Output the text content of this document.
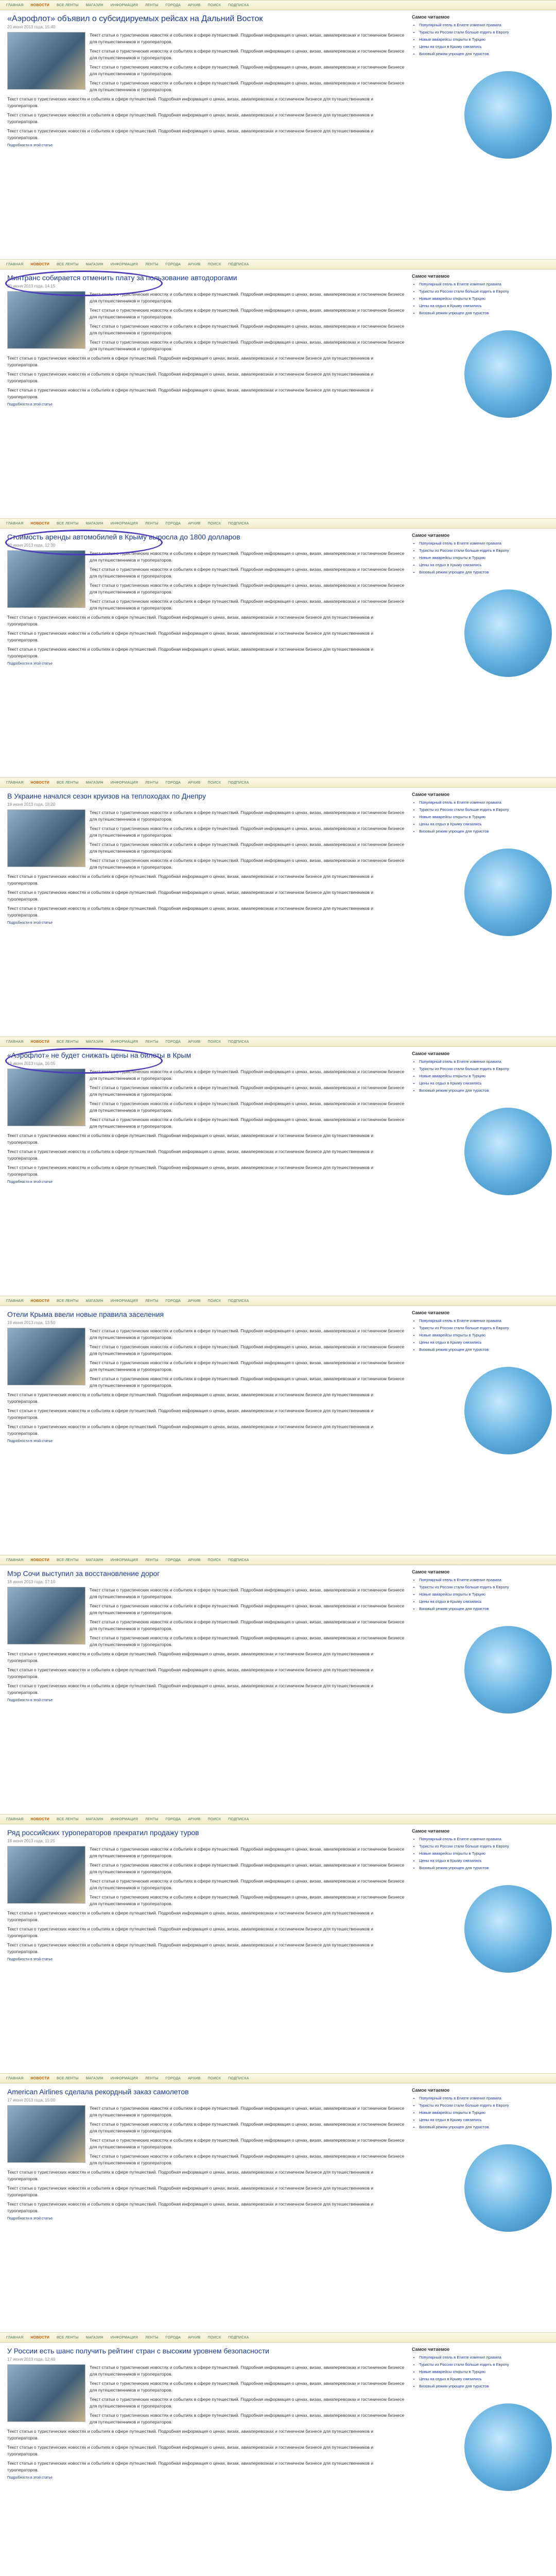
ГЛАВНАЯ НОВОСТИ ВСЕ ЛЕНТЫ МАГАЗИН ИНФОРМАЦИЯ ЛЕНТЫ ГОРОДА АРХИВ ПОИСК ПОДПИСКА
«Аэрофлот» объявил о субсидируемых рейсах на Дальний Восток
20 июня 2013 года, 15:40

Текст статьи о туристических новостях и событиях в сфере путешествий. Подробная информация о ценах, визах, авиаперевозках и гостиничном бизнесе для путешественников и туроператоров.

Текст статьи о туристических новостях и событиях в сфере путешествий. Подробная информация о ценах, визах, авиаперевозках и гостиничном бизнесе для путешественников и туроператоров.

Текст статьи о туристических новостях и событиях в сфере путешествий. Подробная информация о ценах, визах, авиаперевозках и гостиничном бизнесе для путешественников и туроператоров.

Текст статьи о туристических новостях и событиях в сфере путешествий. Подробная информация о ценах, визах, авиаперевозках и гостиничном бизнесе для путешественников и туроператоров.

Текст статьи о туристических новостях и событиях в сфере путешествий. Подробная информация о ценах, визах, авиаперевозках и гостиничном бизнесе для путешественников и туроператоров.

Текст статьи о туристических новостях и событиях в сфере путешествий. Подробная информация о ценах, визах, авиаперевозках и гостиничном бизнесе для путешественников и туроператоров.

Текст статьи о туристических новостях и событиях в сфере путешествий. Подробная информация о ценах, визах, авиаперевозках и гостиничном бизнесе для путешественников и туроператоров.

Подробности в этой статье
Самое читаемое
• Популярный отель в Египте изменил правила
• Туристы из России стали больше ездить в Европу
• Новые авиарейсы открыты в Турцию
• Цены на отдых в Крыму снизились
• Визовый режим упрощен для туристов
ГЛАВНАЯ НОВОСТИ ВСЕ ЛЕНТЫ МАГАЗИН ИНФОРМАЦИЯ ЛЕНТЫ ГОРОДА АРХИВ ПОИСК ПОДПИСКА
Минтранс собирается отменить плату за пользование автодорогами
20 июня 2013 года, 14:15

Текст статьи о туристических новостях и событиях в сфере путешествий. Подробная информация о ценах, визах, авиаперевозках и гостиничном бизнесе для путешественников и туроператоров.

Текст статьи о туристических новостях и событиях в сфере путешествий. Подробная информация о ценах, визах, авиаперевозках и гостиничном бизнесе для путешественников и туроператоров.

Текст статьи о туристических новостях и событиях в сфере путешествий. Подробная информация о ценах, визах, авиаперевозках и гостиничном бизнесе для путешественников и туроператоров.

Текст статьи о туристических новостях и событиях в сфере путешествий. Подробная информация о ценах, визах, авиаперевозках и гостиничном бизнесе для путешественников и туроператоров.

Текст статьи о туристических новостях и событиях в сфере путешествий. Подробная информация о ценах, визах, авиаперевозках и гостиничном бизнесе для путешественников и туроператоров.

Текст статьи о туристических новостях и событиях в сфере путешествий. Подробная информация о ценах, визах, авиаперевозках и гостиничном бизнесе для путешественников и туроператоров.

Текст статьи о туристических новостях и событиях в сфере путешествий. Подробная информация о ценах, визах, авиаперевозках и гостиничном бизнесе для путешественников и туроператоров.

Подробности в этой статье
Самое читаемое
• Популярный отель в Египте изменил правила
• Туристы из России стали больше ездить в Европу
• Новые авиарейсы открыты в Турцию
• Цены на отдых в Крыму снизились
• Визовый режим упрощен для туристов
ГЛАВНАЯ НОВОСТИ ВСЕ ЛЕНТЫ МАГАЗИН ИНФОРМАЦИЯ ЛЕНТЫ ГОРОДА АРХИВ ПОИСК ПОДПИСКА
Стоимость аренды автомобилей в Крыму выросла до 1800 долларов
20 июня 2013 года, 12:30

Текст статьи о туристических новостях и событиях в сфере путешествий. Подробная информация о ценах, визах, авиаперевозках и гостиничном бизнесе для путешественников и туроператоров.

Текст статьи о туристических новостях и событиях в сфере путешествий. Подробная информация о ценах, визах, авиаперевозках и гостиничном бизнесе для путешественников и туроператоров.

Текст статьи о туристических новостях и событиях в сфере путешествий. Подробная информация о ценах, визах, авиаперевозках и гостиничном бизнесе для путешественников и туроператоров.

Текст статьи о туристических новостях и событиях в сфере путешествий. Подробная информация о ценах, визах, авиаперевозках и гостиничном бизнесе для путешественников и туроператоров.

Текст статьи о туристических новостях и событиях в сфере путешествий. Подробная информация о ценах, визах, авиаперевозках и гостиничном бизнесе для путешественников и туроператоров.

Текст статьи о туристических новостях и событиях в сфере путешествий. Подробная информация о ценах, визах, авиаперевозках и гостиничном бизнесе для путешественников и туроператоров.

Текст статьи о туристических новостях и событиях в сфере путешествий. Подробная информация о ценах, визах, авиаперевозках и гостиничном бизнесе для путешественников и туроператоров.

Подробности в этой статье
Самое читаемое
• Популярный отель в Египте изменил правила
• Туристы из России стали больше ездить в Европу
• Новые авиарейсы открыты в Турцию
• Цены на отдых в Крыму снизились
• Визовый режим упрощен для туристов
ГЛАВНАЯ НОВОСТИ ВСЕ ЛЕНТЫ МАГАЗИН ИНФОРМАЦИЯ ЛЕНТЫ ГОРОДА АРХИВ ПОИСК ПОДПИСКА
В Украине начался сезон круизов на теплоходах по Днепру
19 июня 2013 года, 18:20

Текст статьи о туристических новостях и событиях в сфере путешествий. Подробная информация о ценах, визах, авиаперевозках и гостиничном бизнесе для путешественников и туроператоров.

Текст статьи о туристических новостях и событиях в сфере путешествий. Подробная информация о ценах, визах, авиаперевозках и гостиничном бизнесе для путешественников и туроператоров.

Текст статьи о туристических новостях и событиях в сфере путешествий. Подробная информация о ценах, визах, авиаперевозках и гостиничном бизнесе для путешественников и туроператоров.

Текст статьи о туристических новостях и событиях в сфере путешествий. Подробная информация о ценах, визах, авиаперевозках и гостиничном бизнесе для путешественников и туроператоров.

Текст статьи о туристических новостях и событиях в сфере путешествий. Подробная информация о ценах, визах, авиаперевозках и гостиничном бизнесе для путешественников и туроператоров.

Текст статьи о туристических новостях и событиях в сфере путешествий. Подробная информация о ценах, визах, авиаперевозках и гостиничном бизнесе для путешественников и туроператоров.

Текст статьи о туристических новостях и событиях в сфере путешествий. Подробная информация о ценах, визах, авиаперевозках и гостиничном бизнесе для путешественников и туроператоров.

Подробности в этой статье
Самое читаемое
• Популярный отель в Египте изменил правила
• Туристы из России стали больше ездить в Европу
• Новые авиарейсы открыты в Турцию
• Цены на отдых в Крыму снизились
• Визовый режим упрощен для туристов
ГЛАВНАЯ НОВОСТИ ВСЕ ЛЕНТЫ МАГАЗИН ИНФОРМАЦИЯ ЛЕНТЫ ГОРОДА АРХИВ ПОИСК ПОДПИСКА
«Аэрофлот» не будет снижать цены на билеты в Крым
19 июня 2013 года, 16:05

Текст статьи о туристических новостях и событиях в сфере путешествий. Подробная информация о ценах, визах, авиаперевозках и гостиничном бизнесе для путешественников и туроператоров.

Текст статьи о туристических новостях и событиях в сфере путешествий. Подробная информация о ценах, визах, авиаперевозках и гостиничном бизнесе для путешественников и туроператоров.

Текст статьи о туристических новостях и событиях в сфере путешествий. Подробная информация о ценах, визах, авиаперевозках и гостиничном бизнесе для путешественников и туроператоров.

Текст статьи о туристических новостях и событиях в сфере путешествий. Подробная информация о ценах, визах, авиаперевозках и гостиничном бизнесе для путешественников и туроператоров.

Текст статьи о туристических новостях и событиях в сфере путешествий. Подробная информация о ценах, визах, авиаперевозках и гостиничном бизнесе для путешественников и туроператоров.

Текст статьи о туристических новостях и событиях в сфере путешествий. Подробная информация о ценах, визах, авиаперевозках и гостиничном бизнесе для путешественников и туроператоров.

Текст статьи о туристических новостях и событиях в сфере путешествий. Подробная информация о ценах, визах, авиаперевозках и гостиничном бизнесе для путешественников и туроператоров.

Подробности в этой статье
Самое читаемое
• Популярный отель в Египте изменил правила
• Туристы из России стали больше ездить в Европу
• Новые авиарейсы открыты в Турцию
• Цены на отдых в Крыму снизились
• Визовый режим упрощен для туристов
ГЛАВНАЯ НОВОСТИ ВСЕ ЛЕНТЫ МАГАЗИН ИНФОРМАЦИЯ ЛЕНТЫ ГОРОДА АРХИВ ПОИСК ПОДПИСКА
Отели Крыма ввели новые правила заселения
19 июня 2013 года, 13:50

Текст статьи о туристических новостях и событиях в сфере путешествий. Подробная информация о ценах, визах, авиаперевозках и гостиничном бизнесе для путешественников и туроператоров.

Текст статьи о туристических новостях и событиях в сфере путешествий. Подробная информация о ценах, визах, авиаперевозках и гостиничном бизнесе для путешественников и туроператоров.

Текст статьи о туристических новостях и событиях в сфере путешествий. Подробная информация о ценах, визах, авиаперевозках и гостиничном бизнесе для путешественников и туроператоров.

Текст статьи о туристических новостях и событиях в сфере путешествий. Подробная информация о ценах, визах, авиаперевозках и гостиничном бизнесе для путешественников и туроператоров.

Текст статьи о туристических новостях и событиях в сфере путешествий. Подробная информация о ценах, визах, авиаперевозках и гостиничном бизнесе для путешественников и туроператоров.

Текст статьи о туристических новостях и событиях в сфере путешествий. Подробная информация о ценах, визах, авиаперевозках и гостиничном бизнесе для путешественников и туроператоров.

Текст статьи о туристических новостях и событиях в сфере путешествий. Подробная информация о ценах, визах, авиаперевозках и гостиничном бизнесе для путешественников и туроператоров.

Подробности в этой статье
Самое читаемое
• Популярный отель в Египте изменил правила
• Туристы из России стали больше ездить в Европу
• Новые авиарейсы открыты в Турцию
• Цены на отдых в Крыму снизились
• Визовый режим упрощен для туристов
ГЛАВНАЯ НОВОСТИ ВСЕ ЛЕНТЫ МАГАЗИН ИНФОРМАЦИЯ ЛЕНТЫ ГОРОДА АРХИВ ПОИСК ПОДПИСКА
Мэр Сочи выступил за восстановление дорог
18 июня 2013 года, 17:10

Текст статьи о туристических новостях и событиях в сфере путешествий. Подробная информация о ценах, визах, авиаперевозках и гостиничном бизнесе для путешественников и туроператоров.

Текст статьи о туристических новостях и событиях в сфере путешествий. Подробная информация о ценах, визах, авиаперевозках и гостиничном бизнесе для путешественников и туроператоров.

Текст статьи о туристических новостях и событиях в сфере путешествий. Подробная информация о ценах, визах, авиаперевозках и гостиничном бизнесе для путешественников и туроператоров.

Текст статьи о туристических новостях и событиях в сфере путешествий. Подробная информация о ценах, визах, авиаперевозках и гостиничном бизнесе для путешественников и туроператоров.

Текст статьи о туристических новостях и событиях в сфере путешествий. Подробная информация о ценах, визах, авиаперевозках и гостиничном бизнесе для путешественников и туроператоров.

Текст статьи о туристических новостях и событиях в сфере путешествий. Подробная информация о ценах, визах, авиаперевозках и гостиничном бизнесе для путешественников и туроператоров.

Текст статьи о туристических новостях и событиях в сфере путешествий. Подробная информация о ценах, визах, авиаперевозках и гостиничном бизнесе для путешественников и туроператоров.

Подробности в этой статье
Самое читаемое
• Популярный отель в Египте изменил правила
• Туристы из России стали больше ездить в Европу
• Новые авиарейсы открыты в Турцию
• Цены на отдых в Крыму снизились
• Визовый режим упрощен для туристов
ГЛАВНАЯ НОВОСТИ ВСЕ ЛЕНТЫ МАГАЗИН ИНФОРМАЦИЯ ЛЕНТЫ ГОРОДА АРХИВ ПОИСК ПОДПИСКА
Ряд российских туроператоров прекратил продажу туров
18 июня 2013 года, 11:25

Текст статьи о туристических новостях и событиях в сфере путешествий. Подробная информация о ценах, визах, авиаперевозках и гостиничном бизнесе для путешественников и туроператоров.

Текст статьи о туристических новостях и событиях в сфере путешествий. Подробная информация о ценах, визах, авиаперевозках и гостиничном бизнесе для путешественников и туроператоров.

Текст статьи о туристических новостях и событиях в сфере путешествий. Подробная информация о ценах, визах, авиаперевозках и гостиничном бизнесе для путешественников и туроператоров.

Текст статьи о туристических новостях и событиях в сфере путешествий. Подробная информация о ценах, визах, авиаперевозках и гостиничном бизнесе для путешественников и туроператоров.

Текст статьи о туристических новостях и событиях в сфере путешествий. Подробная информация о ценах, визах, авиаперевозках и гостиничном бизнесе для путешественников и туроператоров.

Текст статьи о туристических новостях и событиях в сфере путешествий. Подробная информация о ценах, визах, авиаперевозках и гостиничном бизнесе для путешественников и туроператоров.

Текст статьи о туристических новостях и событиях в сфере путешествий. Подробная информация о ценах, визах, авиаперевозках и гостиничном бизнесе для путешественников и туроператоров.

Подробности в этой статье
Самое читаемое
• Популярный отель в Египте изменил правила
• Туристы из России стали больше ездить в Европу
• Новые авиарейсы открыты в Турцию
• Цены на отдых в Крыму снизились
• Визовый режим упрощен для туристов
ГЛАВНАЯ НОВОСТИ ВСЕ ЛЕНТЫ МАГАЗИН ИНФОРМАЦИЯ ЛЕНТЫ ГОРОДА АРХИВ ПОИСК ПОДПИСКА
American Airlines сделала рекордный заказ самолетов
17 июня 2013 года, 15:00

Текст статьи о туристических новостях и событиях в сфере путешествий. Подробная информация о ценах, визах, авиаперевозках и гостиничном бизнесе для путешественников и туроператоров.

Текст статьи о туристических новостях и событиях в сфере путешествий. Подробная информация о ценах, визах, авиаперевозках и гостиничном бизнесе для путешественников и туроператоров.

Текст статьи о туристических новостях и событиях в сфере путешествий. Подробная информация о ценах, визах, авиаперевозках и гостиничном бизнесе для путешественников и туроператоров.

Текст статьи о туристических новостях и событиях в сфере путешествий. Подробная информация о ценах, визах, авиаперевозках и гостиничном бизнесе для путешественников и туроператоров.

Текст статьи о туристических новостях и событиях в сфере путешествий. Подробная информация о ценах, визах, авиаперевозках и гостиничном бизнесе для путешественников и туроператоров.

Текст статьи о туристических новостях и событиях в сфере путешествий. Подробная информация о ценах, визах, авиаперевозках и гостиничном бизнесе для путешественников и туроператоров.

Текст статьи о туристических новостях и событиях в сфере путешествий. Подробная информация о ценах, визах, авиаперевозках и гостиничном бизнесе для путешественников и туроператоров.

Подробности в этой статье
Самое читаемое
• Популярный отель в Египте изменил правила
• Туристы из России стали больше ездить в Европу
• Новые авиарейсы открыты в Турцию
• Цены на отдых в Крыму снизились
• Визовый режим упрощен для туристов
ГЛАВНАЯ НОВОСТИ ВСЕ ЛЕНТЫ МАГАЗИН ИНФОРМАЦИЯ ЛЕНТЫ ГОРОДА АРХИВ ПОИСК ПОДПИСКА
У России есть шанс получить рейтинг стран с высоким уровнем безопасности
17 июня 2013 года, 12:40

Текст статьи о туристических новостях и событиях в сфере путешествий. Подробная информация о ценах, визах, авиаперевозках и гостиничном бизнесе для путешественников и туроператоров.

Текст статьи о туристических новостях и событиях в сфере путешествий. Подробная информация о ценах, визах, авиаперевозках и гостиничном бизнесе для путешественников и туроператоров.

Текст статьи о туристических новостях и событиях в сфере путешествий. Подробная информация о ценах, визах, авиаперевозках и гостиничном бизнесе для путешественников и туроператоров.

Текст статьи о туристических новостях и событиях в сфере путешествий. Подробная информация о ценах, визах, авиаперевозках и гостиничном бизнесе для путешественников и туроператоров.

Текст статьи о туристических новостях и событиях в сфере путешествий. Подробная информация о ценах, визах, авиаперевозках и гостиничном бизнесе для путешественников и туроператоров.

Текст статьи о туристических новостях и событиях в сфере путешествий. Подробная информация о ценах, визах, авиаперевозках и гостиничном бизнесе для путешественников и туроператоров.

Текст статьи о туристических новостях и событиях в сфере путешествий. Подробная информация о ценах, визах, авиаперевозках и гостиничном бизнесе для путешественников и туроператоров.

Подробности в этой статье
Самое читаемое
• Популярный отель в Египте изменил правила
• Туристы из России стали больше ездить в Европу
• Новые авиарейсы открыты в Турцию
• Цены на отдых в Крыму снизились
• Визовый режим упрощен для туристов
